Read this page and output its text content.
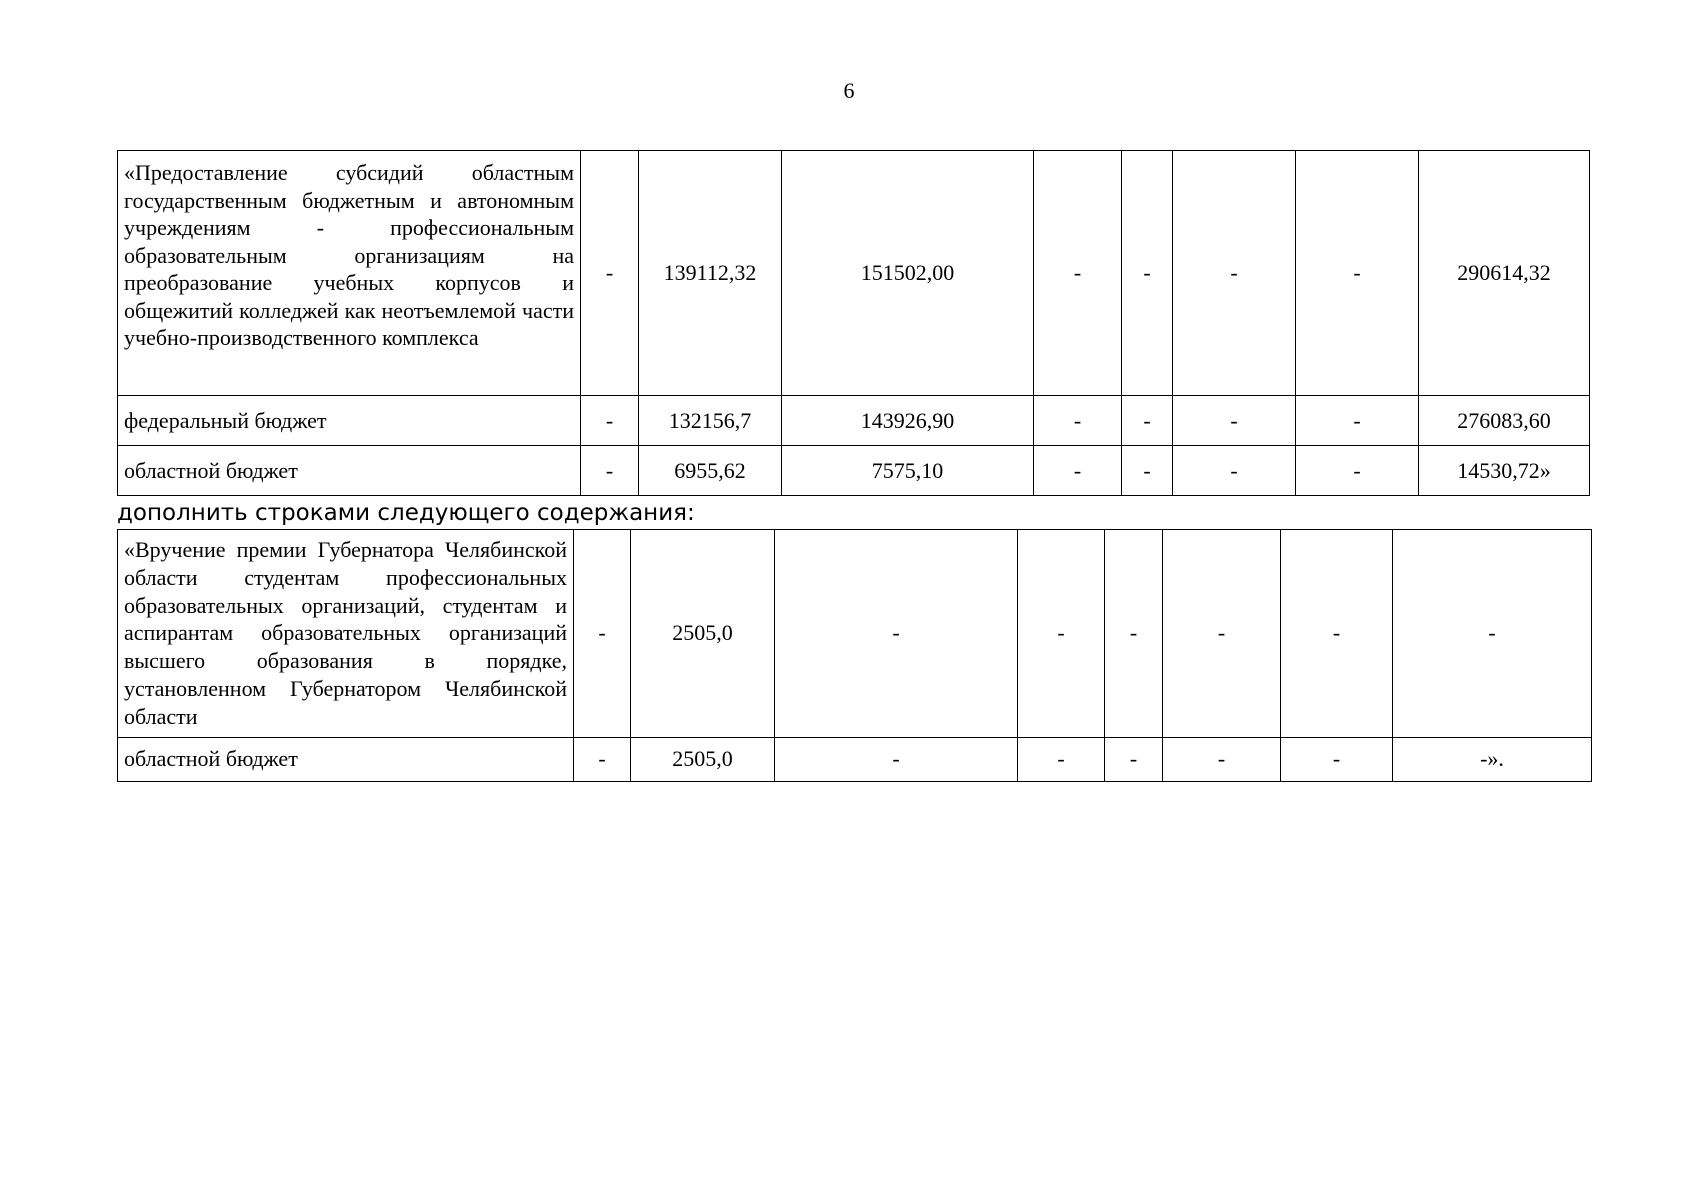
6
«Предоставление субсидий областным государственным бюджетным и автономным учреждениям - профессиональным образовательным организациям на преобразование учебных корпусов и общежитий колледжей как неотъемлемой части учебно-производственного комплекса	-	139112,32	151502,00	-	-	-	-	290614,32
федеральный бюджет	-	132156,7	143926,90	-	-	-	-	276083,60
областной бюджет	-	6955,62	7575,10	-	-	-	-	14530,72»
дополнить строками следующего содержания:
«Вручение премии Губернатора Челябинской области студентам профессиональных образовательных организаций, студентам и аспирантам образовательных организаций высшего образования в порядке, установленном Губернатором Челябинской области	-	2505,0	-	-	-	-	-	-
областной бюджет	-	2505,0	-	-	-	-	-	-».
